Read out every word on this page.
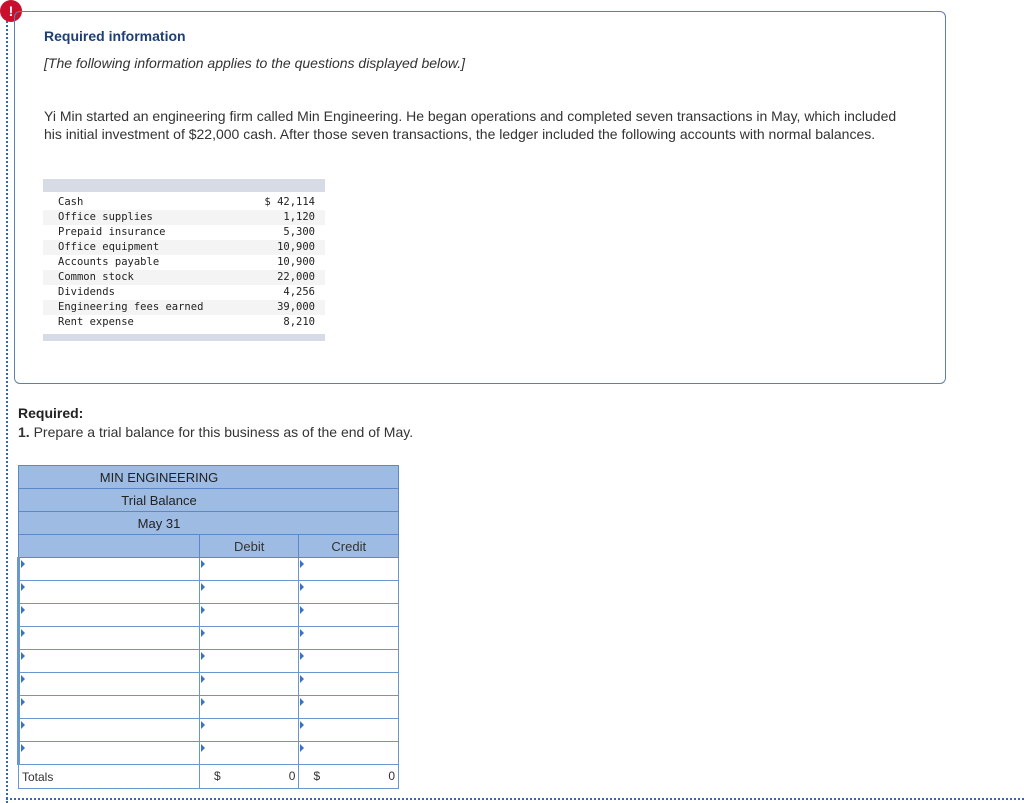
!
Required information
[The following information applies to the questions displayed below.]
Yi Min started an engineering firm called Min Engineering. He began operations and completed seven transactions in May, which included his initial investment of $22,000 cash. After those seven transactions, the ledger included the following accounts with normal balances.
Cash	$ 42,114
Office supplies	1,120
Prepaid insurance	5,300
Office equipment	10,900
Accounts payable	10,900
Common stock	22,000
Dividends	4,256
Engineering fees earned	39,000
Rent expense	8,210
Required:
1. Prepare a trial balance for this business as of the end of May.
MIN ENGINEERING		
Trial Balance		
May 31		
	Debit	Credit

Totals	$ 0	$ 0
